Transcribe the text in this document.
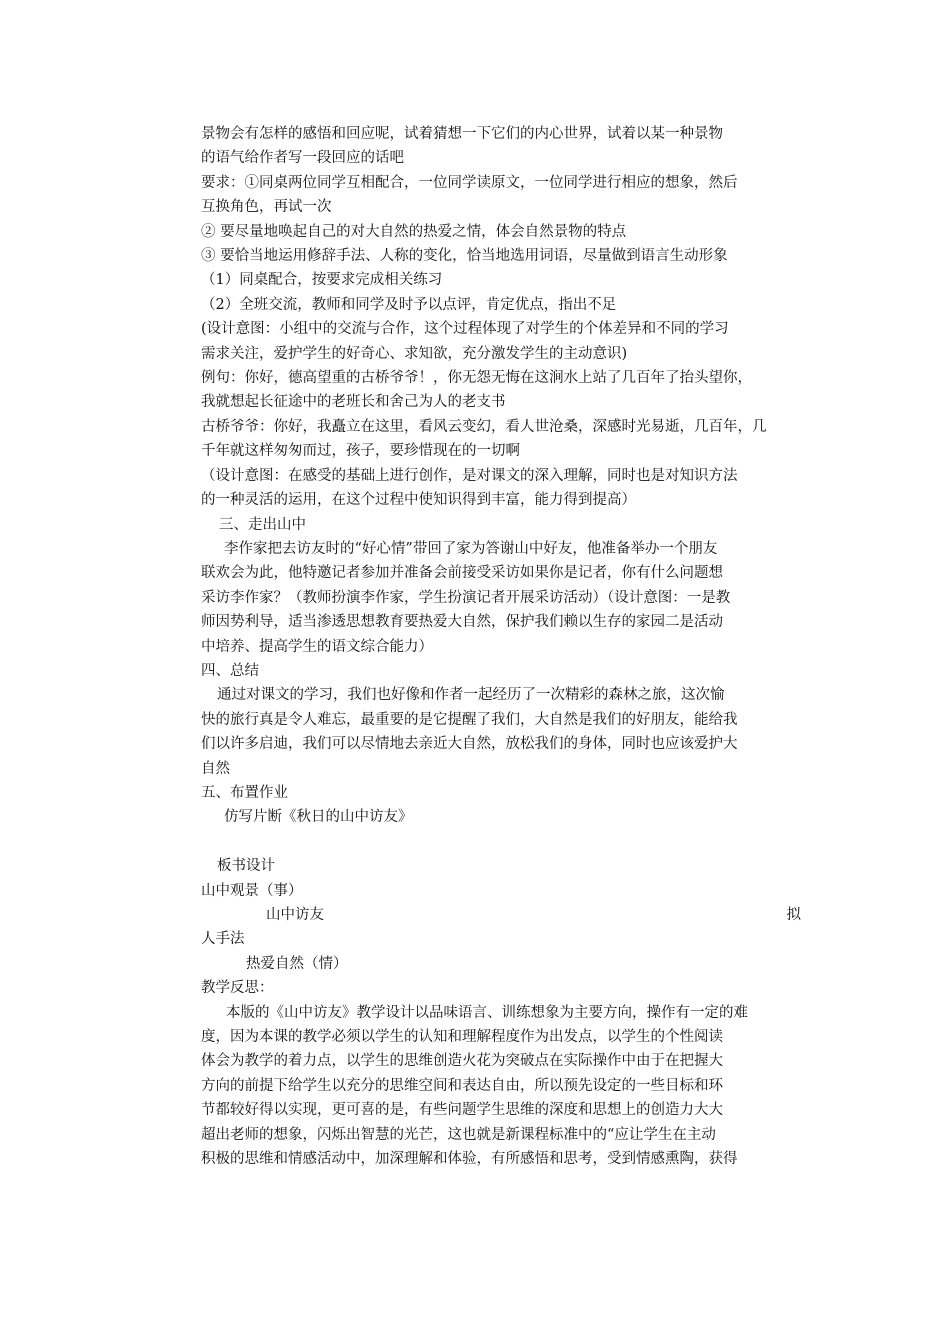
景物会有怎样的感悟和回应呢，试着猜想一下它们的内心世界，试着以某一种景物

的语气给作者写一段回应的话吧

要求：①同桌两位同学互相配合，一位同学读原文，一位同学进行相应的想象，然后

互换角色，再试一次

② 要尽量地唤起自己的对大自然的热爱之情，体会自然景物的特点

③ 要恰当地运用修辞手法、人称的变化，恰当地选用词语，尽量做到语言生动形象

（1）同桌配合，按要求完成相关练习

（2）全班交流，教师和同学及时予以点评，肯定优点，指出不足

(设计意图：小组中的交流与合作，这个过程体现了对学生的个体差异和不同的学习

需求关注，爱护学生的好奇心、求知欲，充分激发学生的主动意识)

例句：你好，德高望重的古桥爷爷！，你无怨无悔在这涧水上站了几百年了抬头望你，

我就想起长征途中的老班长和舍己为人的老支书

古桥爷爷：你好，我矗立在这里，看风云变幻，看人世沧桑，深感时光易逝，几百年，几

千年就这样匆匆而过，孩子，要珍惜现在的一切啊

（设计意图：在感受的基础上进行创作，是对课文的深入理解，同时也是对知识方法

的一种灵活的运用，在这个过程中使知识得到丰富，能力得到提高）

三、走出山中

李作家把去访友时的“好心情”带回了家为答谢山中好友，他准备举办一个朋友

联欢会为此，他特邀记者参加并准备会前接受采访如果你是记者，你有什么问题想

采访李作家？（教师扮演李作家，学生扮演记者开展采访活动）（设计意图：一是教

师因势利导，适当渗透思想教育要热爱大自然，保护我们赖以生存的家园二是活动

中培养、提高学生的语文综合能力）

四、总结

通过对课文的学习，我们也好像和作者一起经历了一次精彩的森林之旅，这次愉

快的旅行真是令人难忘，最重要的是它提醒了我们，大自然是我们的好朋友，能给我

们以许多启迪，我们可以尽情地去亲近大自然，放松我们的身体，同时也应该爱护大

自然

五、布置作业

仿写片断《秋日的山中访友》

板书设计

山中观景（事）

山中访友	拟

人手法

热爱自然（情）

教学反思：

本版的《山中访友》教学设计以品味语言、训练想象为主要方向，操作有一定的难

度，因为本课的教学必须以学生的认知和理解程度作为出发点，以学生的个性阅读

体会为教学的着力点，以学生的思维创造火花为突破点在实际操作中由于在把握大

方向的前提下给学生以充分的思维空间和表达自由，所以预先设定的一些目标和环

节都较好得以实现，更可喜的是，有些问题学生思维的深度和思想上的创造力大大

超出老师的想象，闪烁出智慧的光芒，这也就是新课程标准中的“应让学生在主动

积极的思维和情感活动中，加深理解和体验，有所感悟和思考，受到情感熏陶，获得
